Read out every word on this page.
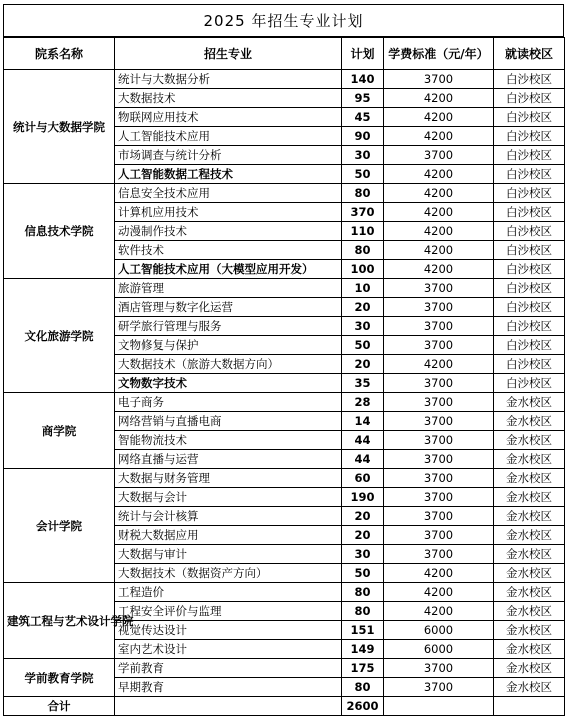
2025 年招生专业计划
院系名称	招生专业	计划	学费标准（元/年）	就读校区
统计与大数据学院	统计与大数据分析	140	3700	白沙校区
	大数据技术	95	4200	白沙校区
	物联网应用技术	45	4200	白沙校区
	人工智能技术应用	90	4200	白沙校区
	市场调查与统计分析	30	3700	白沙校区
	人工智能数据工程技术	50	4200	白沙校区
信息技术学院	信息安全技术应用	80	4200	白沙校区
	计算机应用技术	370	4200	白沙校区
	动漫制作技术	110	4200	白沙校区
	软件技术	80	4200	白沙校区
	人工智能技术应用（大模型应用开发）	100	4200	白沙校区
文化旅游学院	旅游管理	10	3700	白沙校区
	酒店管理与数字化运营	20	3700	白沙校区
	研学旅行管理与服务	30	3700	白沙校区
	文物修复与保护	50	3700	白沙校区
	大数据技术（旅游大数据方向）	20	4200	白沙校区
	文物数字技术	35	3700	白沙校区
商学院	电子商务	28	3700	金水校区
	网络营销与直播电商	14	3700	金水校区
	智能物流技术	44	3700	金水校区
	网络直播与运营	44	3700	金水校区
会计学院	大数据与财务管理	60	3700	金水校区
	大数据与会计	190	3700	金水校区
	统计与会计核算	20	3700	金水校区
	财税大数据应用	20	3700	金水校区
	大数据与审计	30	3700	金水校区
	大数据技术（数据资产方向）	50	4200	金水校区
建筑工程与艺术设计学院	工程造价	80	4200	金水校区
	工程安全评价与监理	80	4200	金水校区
	视觉传达设计	151	6000	金水校区
	室内艺术设计	149	6000	金水校区
学前教育学院	学前教育	175	3700	金水校区
	早期教育	80	3700	金水校区
合计		2600		
